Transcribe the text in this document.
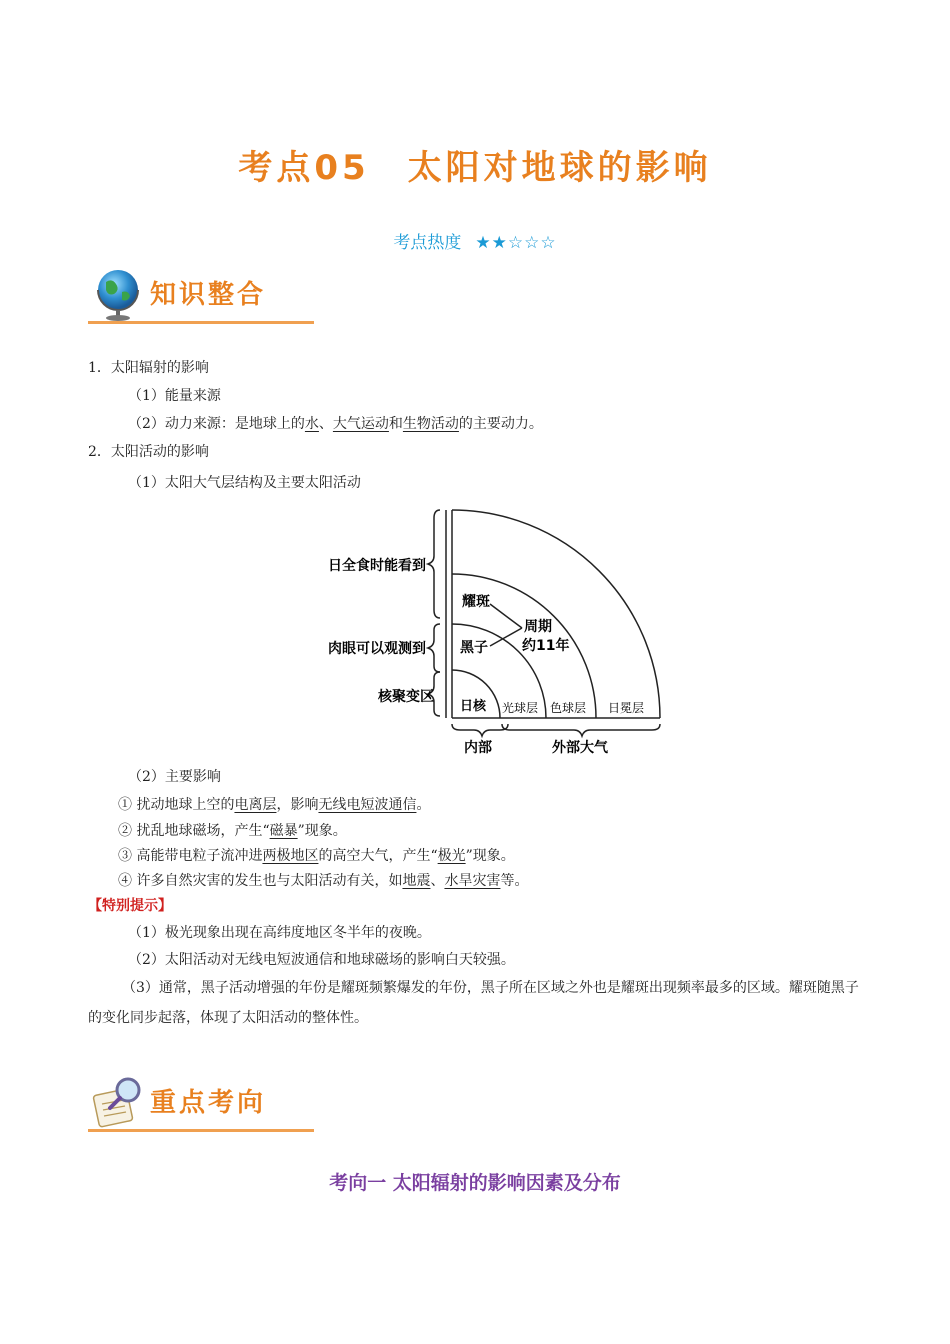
考点05　太阳对地球的影响
考点热度 ★★☆☆☆
知识整合
1．太阳辐射的影响
（1）能量来源
（2）动力来源：是地球上的水、大气运动和生物活动的主要动力。
2．太阳活动的影响
（1）太阳大气层结构及主要太阳活动
日全食时能看到
肉眼可以观测到
核聚变区
耀斑
黑子
周期
约11年
日核 光球层 色球层 日冕层
内部	外部大气
（2）主要影响
① 扰动地球上空的电离层，影响无线电短波通信。
② 扰乱地球磁场，产生“磁暴”现象。
③ 高能带电粒子流冲进两极地区的高空大气，产生“极光”现象。
④ 许多自然灾害的发生也与太阳活动有关，如地震、水旱灾害等。
【特别提示】
（1）极光现象出现在高纬度地区冬半年的夜晚。
（2）太阳活动对无线电短波通信和地球磁场的影响白天较强。
（3）通常，黑子活动增强的年份是耀斑频繁爆发的年份，黑子所在区域之外也是耀斑出现频率最多的区域。耀斑随黑子的变化同步起落，体现了太阳活动的整体性。
重点考向
考向一 太阳辐射的影响因素及分布
